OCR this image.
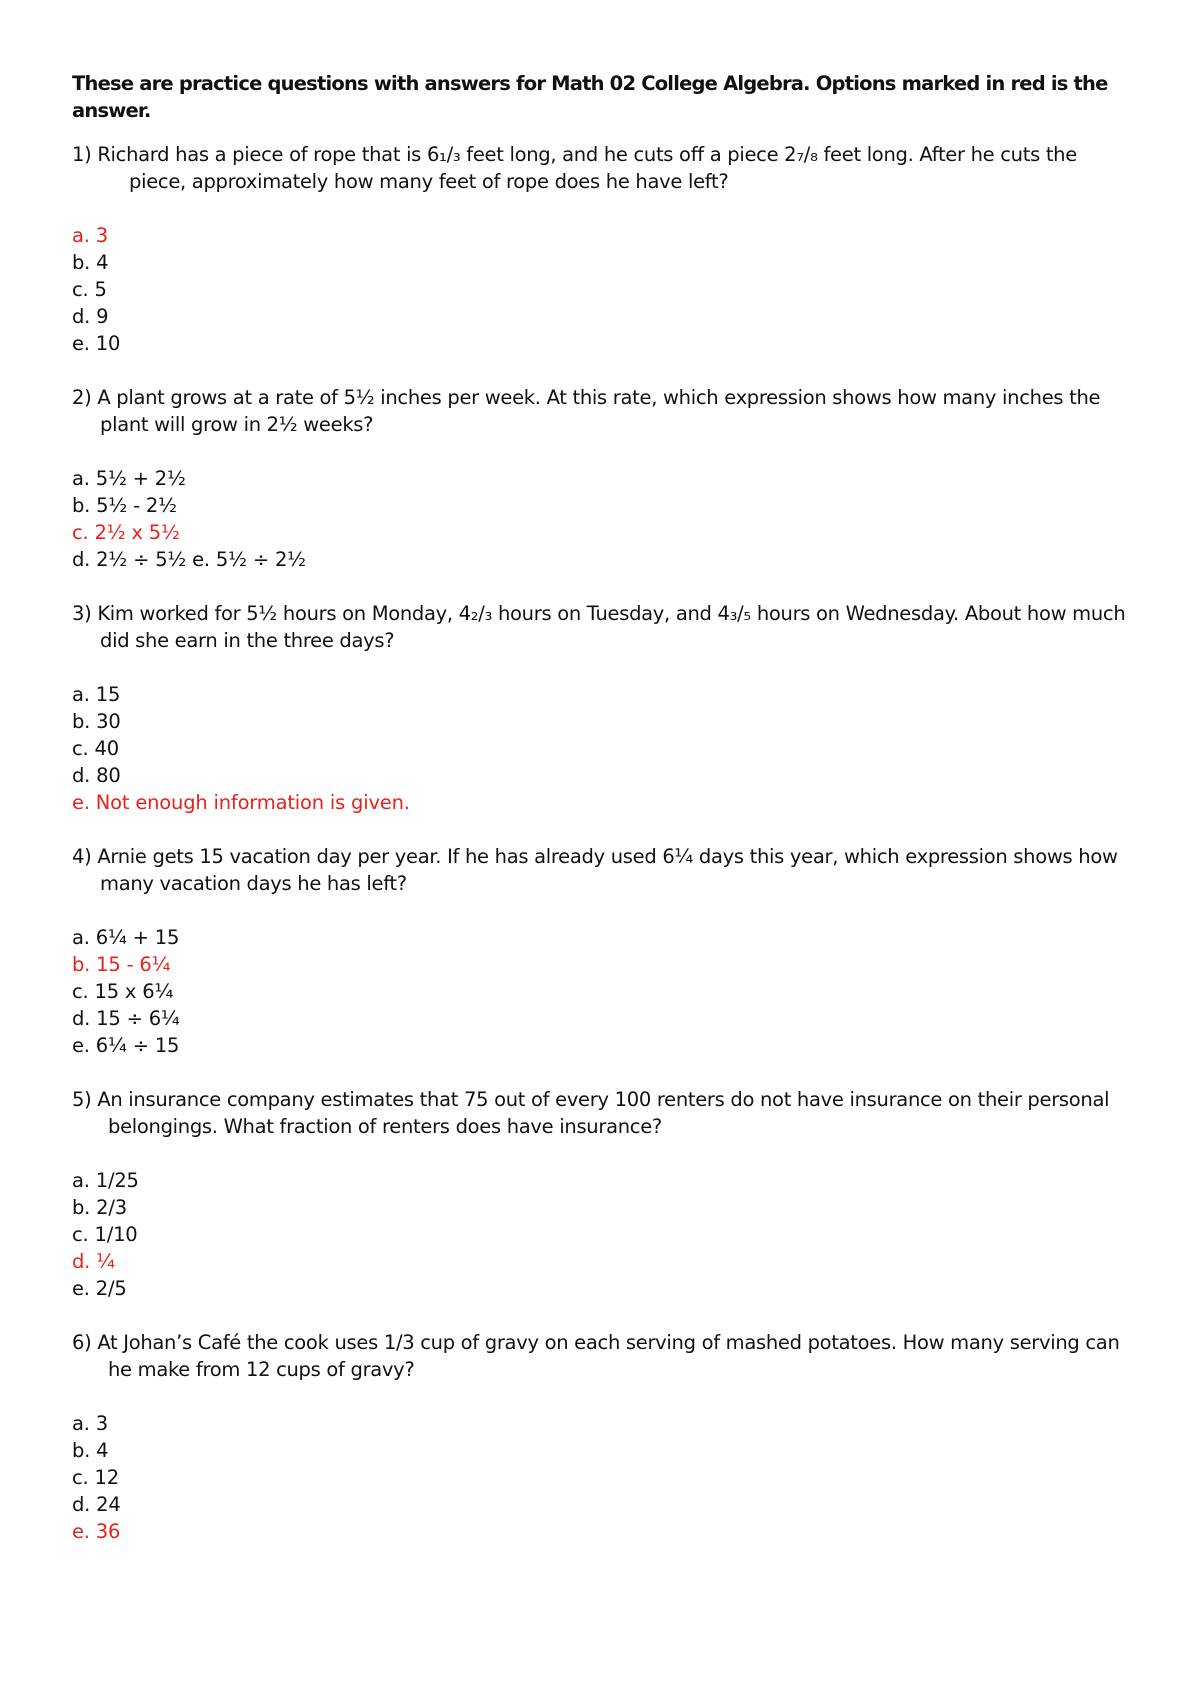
These are practice questions with answers for Math 02 College Algebra. Options marked in red is the answer.

1) Richard has a piece of rope that is 6₁/₃ feet long, and he cuts off a piece 2₇/₈ feet long. After he cuts the piece, approximately how many feet of rope does he have left?

a. 3
b. 4
c. 5
d. 9
e. 10

2) A plant grows at a rate of 5½ inches per week. At this rate, which expression shows how many inches the plant will grow in 2½ weeks?

a. 5½ + 2½
b. 5½ - 2½
c. 2½ x 5½
d. 2½ ÷ 5½ e. 5½ ÷ 2½

3) Kim worked for 5½ hours on Monday, 4₂/₃ hours on Tuesday, and 4₃/₅ hours on Wednesday. About how much did she earn in the three days?

a. 15
b. 30
c. 40
d. 80
e. Not enough information is given.

4) Arnie gets 15 vacation day per year. If he has already used 6¼ days this year, which expression shows how many vacation days he has left?

a. 6¼ + 15
b. 15 - 6¼
c. 15 x 6¼
d. 15 ÷ 6¼
e. 6¼ ÷ 15

5) An insurance company estimates that 75 out of every 100 renters do not have insurance on their personal belongings. What fraction of renters does have insurance?

a. 1/25
b. 2/3
c. 1/10
d. ¼
e. 2/5

6) At Johan’s Café the cook uses 1/3 cup of gravy on each serving of mashed potatoes. How many serving can he make from 12 cups of gravy?

a. 3
b. 4
c. 12
d. 24
e. 36
